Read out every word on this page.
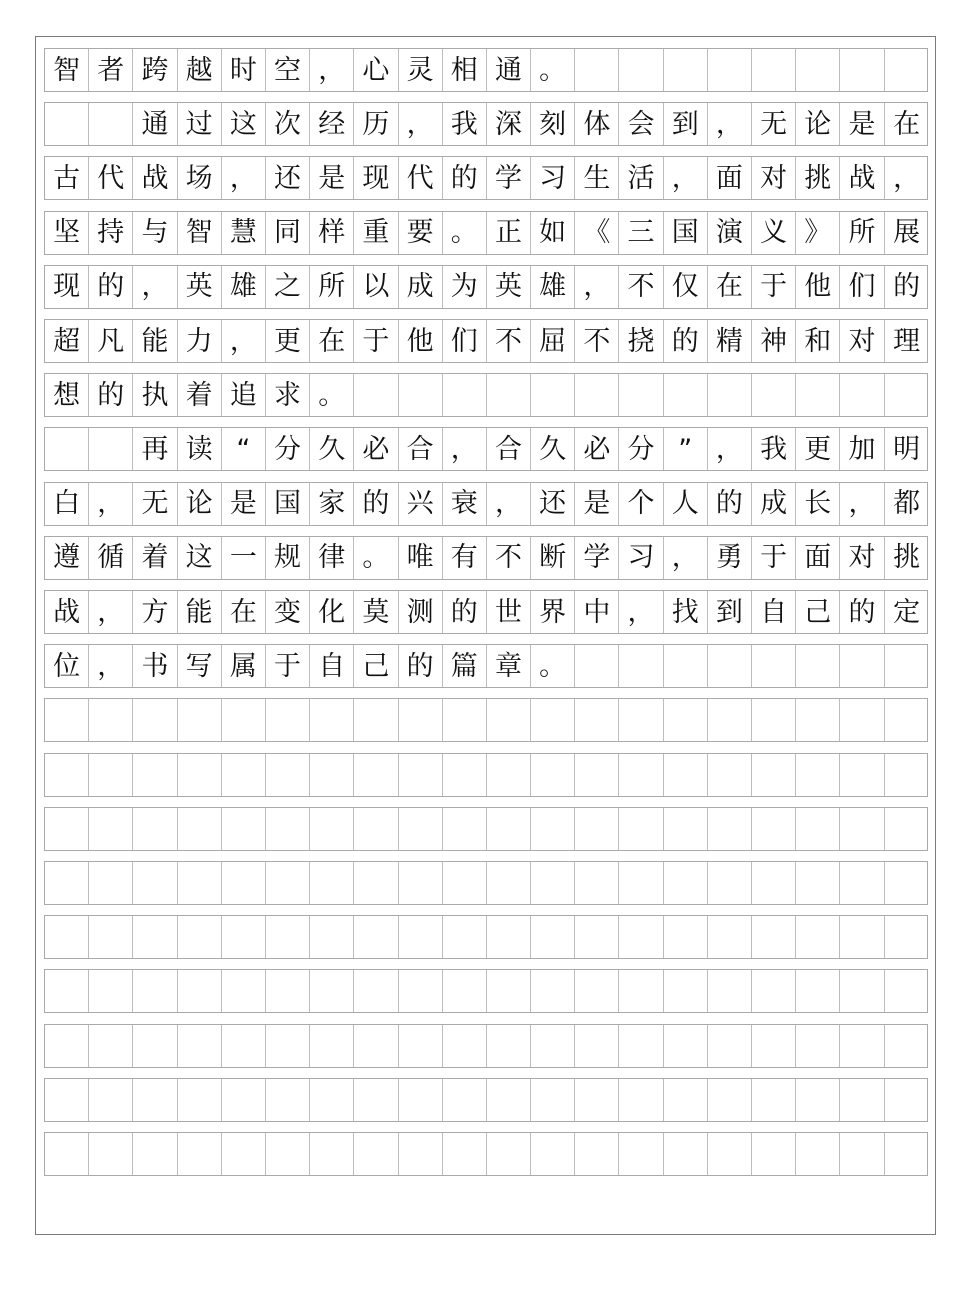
智 者 跨 越 时 空 ， 心 灵 相 通 。
通 过 这 次 经 历 ， 我 深 刻 体 会 到 ， 无 论 是 在
古 代 战 场 ， 还 是 现 代 的 学 习 生 活 ， 面 对 挑 战 ，
坚 持 与 智 慧 同 样 重 要 。 正 如 《 三 国 演 义 》 所 展
现 的 ， 英 雄 之 所 以 成 为 英 雄 ， 不 仅 在 于 他 们 的
超 凡 能 力 ， 更 在 于 他 们 不 屈 不 挠 的 精 神 和 对 理
想 的 执 着 追 求 。
再 读 “ 分 久 必 合 ， 合 久 必 分 ” ， 我 更 加 明
白 ， 无 论 是 国 家 的 兴 衰 ， 还 是 个 人 的 成 长 ， 都
遵 循 着 这 一 规 律 。 唯 有 不 断 学 习 ， 勇 于 面 对 挑
战 ， 方 能 在 变 化 莫 测 的 世 界 中 ， 找 到 自 己 的 定
位 ， 书 写 属 于 自 己 的 篇 章 。
